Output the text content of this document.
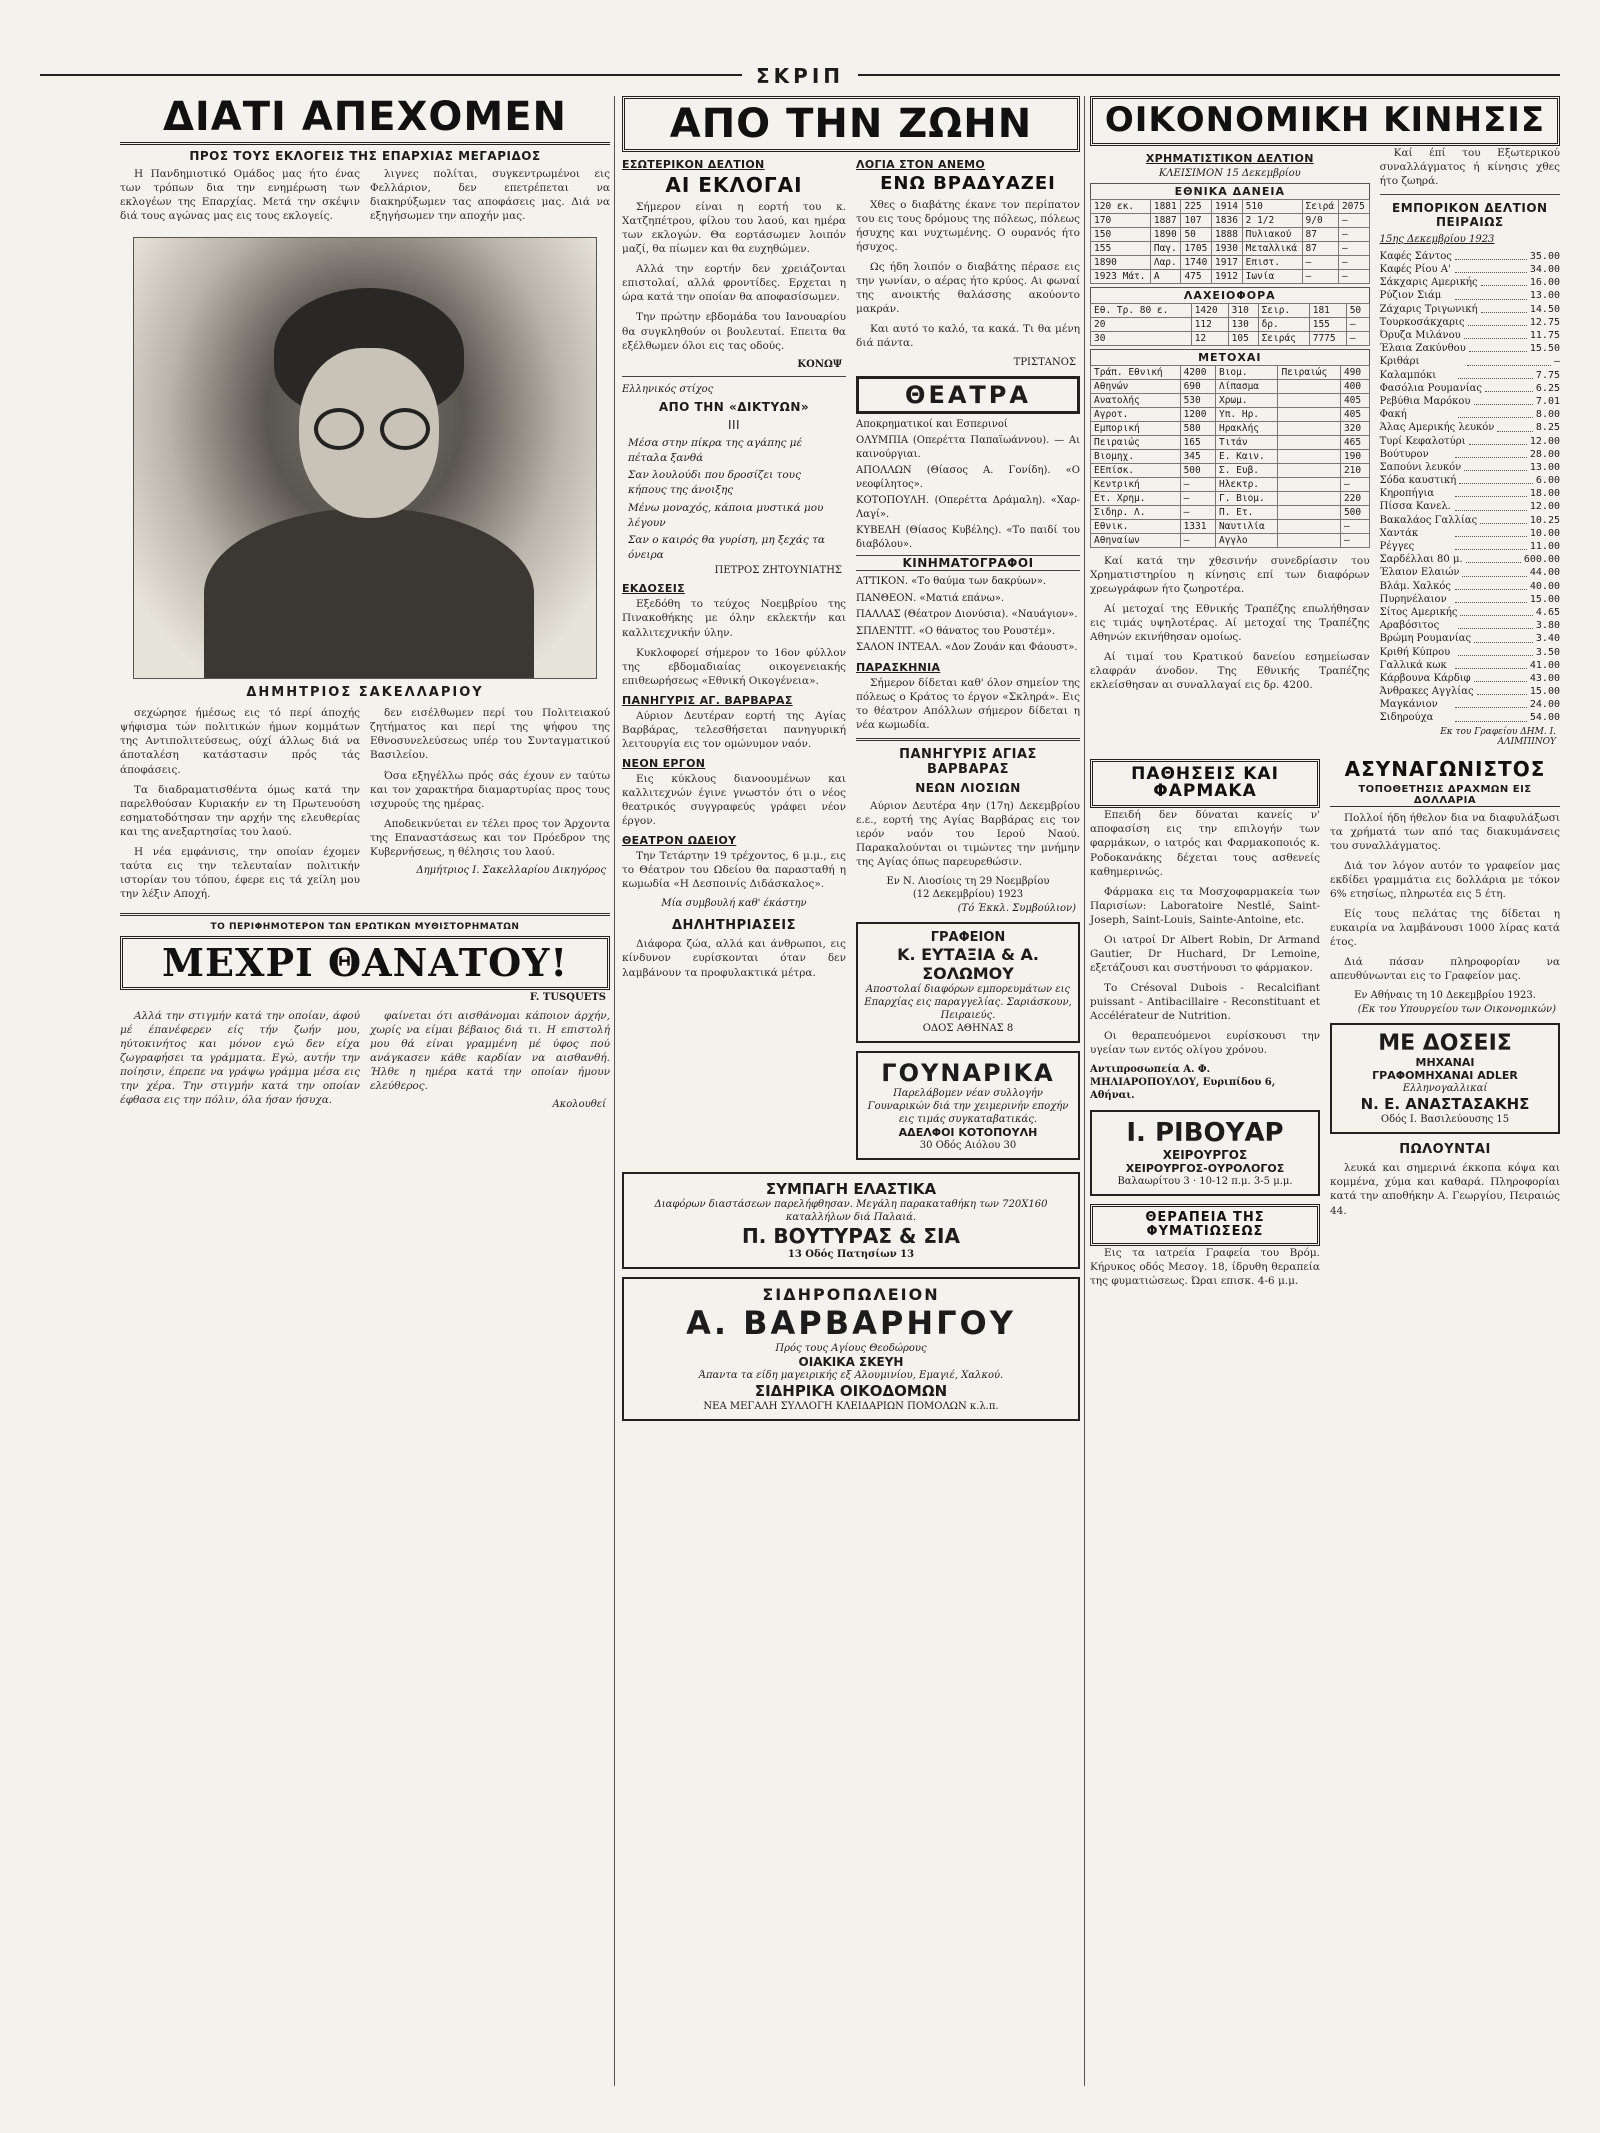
ΣΚΡΙΠ
ΔΙΑΤΙ ΑΠΕΧΟΜΕΝ
ΠΡΟΣ ΤΟΥΣ ΕΚΛΟΓΕΙΣ ΤΗΣ ΕΠΑΡΧΙΑΣ ΜΕΓΑΡΙΔΟΣ

Η Πανδημιοτικό Ομάδος μας ήτο ένας των τρόπων δια την ενημέρωση των εκλογέων της Επαρχίας. Μετά την σκέψιν διά τους αγώνας μας εις τους εκλογείς.

λιγνες πολίται, συγκεντρωμένοι εις Φελλάριον, δεν επετρέπεται να διακηρύξωμεν τας αποφάσεις μας. Διά να εξηγήσωμεν την αποχήν μας.

ΔΗΜΗΤΡΙΟΣ ΣΑΚΕΛΛΑΡΙΟΥ

σεχώρησε ήμέσως εις τό περί άποχής ψήφισμα τών πολιτικών ήμων κομμάτων της Αντιπολιτεύσεως, ούχί άλλως διά να άποταλέση κατάστασιν πρός τάς άποφάσεις.

Τα διαδραματισθέντα όμως κατά την παρελθούσαν Κυριακήν εν τη Πρωτευούση εσηματοδότησαν την αρχήν της ελευθερίας και της ανεξαρτησίας του λαού.

Η νέα εμφάνισις, την οποίαν έχομεν ταύτα εις την τελευταίαν πολιτικήν ιστορίαν του τόπου, έφερε εις τά χείλη μου την λέξιν Αποχή.

δεν εισέλθωμεν περί του Πολιτειακού ζητήματος και περί της ψήφου της Εθνοσυνελεύσεως υπέρ του Συνταγματικού Βασιλείου.

Όσα εξηγέλλω πρός σάς έχουν εν ταύτω και τον χαρακτήρα διαμαρτυρίας προς τους ισχυρούς της ημέρας.

Αποδεικνύεται εν τέλει προς τον Άρχοντα της Επαναστάσεως και τον Πρόεδρον της Κυβερνήσεως, η θέλησις του λαού.

Δημήτριος Ι. Σακελλαρίου Δικηγόρος
ΤΟ ΠΕΡΙΦΗΜΟΤΕΡΟΝ ΤΩΝ ΕΡΩΤΙΚΩΝ ΜΥΘΙΣΤΟΡΗΜΑΤΩΝ
ΜΕΧΡΙ ΘΑΝΑΤΟΥ!
F. TUSQUETS

Αλλά την στιγμήν κατά την οποίαν, άφού μέ έπανέφερεν είς τήν ζωήν μου, ηύτοκινήτος και μόνον εγώ δεν είχα ζωγραφήσει τα γράμματα. Εγώ, αυτήν την ποίησιν, έπρεπε να γράψω γράμμα μέσα εις την χέρα. Την στιγμήν κατά την οποίαν έφθασα εις την πόλιν, όλα ήσαν ήσυχα.

φαίνεται ότι αισθάνομαι κάποιον άρχήν, χωρίς να είμαι βέβαιος διά τι. Η επιστολή μου θά είναι γραμμένη μέ ύφος πού ανάγκασεν κάθε καρδίαν να αισθανθή. Ήλθε η ημέρα κατά την οποίαν ήμουν ελεύθερος.

Ακολουθεί
ΑΠΟ ΤΗΝ ΖΩΗΝ
ΕΣΩΤΕΡΙΚΟΝ ΔΕΛΤΙΟΝ
ΑΙ ΕΚΛΟΓΑΙ

Σήμερον είναι η εορτή του κ. Χατζηπέτρου, φίλου του λαού, και ημέρα των εκλογών. Θα εορτάσωμεν λοιπόν μαζί, θα πίωμεν και θα ευχηθώμεν.

Αλλά την εορτήν δεν χρειάζονται επιστολαί, αλλά φροντίδες. Ερχεται η ώρα κατά την οποίαν θα αποφασίσωμεν.

Την πρώτην εβδομάδα του Ιανουαρίου θα συγκληθούν οι βουλευταί. Επειτα θα εξέλθωμεν όλοι εις τας οδούς.

ΚΟΝΩΨ
Ελληνικός στίχος
ΑΠΟ ΤΗΝ «ΔΙΚΤΥΩΝ»
ΙΙΙ
Μέσα στην πίκρα της αγάπης μέ πέταλα ξανθά
Σαν λουλούδι που δροσίζει τους κήπους της άνοιξης
Μένω μοναχός, κάποια μυστικά μου λέγουν
Σαν ο καιρός θα γυρίση, μη ξεχάς τα όνειρα
ΠΕΤΡΟΣ ΖΗΤΟΥΝΙΑΤΗΣ
ΕΚΔΟΣΕΙΣ

Εξεδόθη το τεύχος Νοεμβρίου της Πινακοθήκης με όλην εκλεκτήν και καλλιτεχνικήν ύλην.

Κυκλοφορεί σήμερον το 16ον φύλλον της εβδομαδιαίας οικογενειακής επιθεωρήσεως «Εθνική Οικογένεια».

ΠΑΝΗΓΥΡΙΣ ΑΓ. ΒΑΡΒΑΡΑΣ

Αύριον Δευτέραν εορτή της Αγίας Βαρβάρας, τελεσθήσεται πανηγυρική λειτουργία εις τον ομώνυμον ναόν.

ΝΕΟΝ ΕΡΓΟΝ

Εις κύκλους διανοουμένων και καλλιτεχνών έγινε γνωστόν ότι ο νέος θεατρικός συγγραφεύς γράφει νέον έργον.

ΘΕΑΤΡΟΝ ΩΔΕΙΟΥ

Την Τετάρτην 19 τρέχοντος, 6 μ.μ., εις το Θέατρον του Ωδείου θα παρασταθή η κωμωδία «Η Δεσποινίς Διδάσκαλος».

Μία συμβουλή καθ' έκάστην
ΔΗΛΗΤΗΡΙΑΣΕΙΣ

Διάφορα ζώα, αλλά και άνθρωποι, εις κίνδυνον ευρίσκονται όταν δεν λαμβάνουν τα προφυλακτικά μέτρα.

ΛΟΓΙΑ ΣΤΟΝ ΑΝΕΜΟ
ΕΝΩ ΒΡΑΔΥΑΖΕΙ

Χθες ο διαβάτης έκανε τον περίπατον του εις τους δρόμους της πόλεως, πόλεως ήσυχης και νυχτωμένης. Ο ουρανός ήτο ήσυχος.

Ως ήδη λοιπόν ο διαβάτης πέρασε εις την γωνίαν, ο αέρας ήτο κρύος. Αι φωναί της ανοικτής θαλάσσης ακούοντο μακράν.

Και αυτό το καλό, τα κακά. Τι θα μένη διά πάντα.

ΤΡΙΣΤΑΝΟΣ
ΘΕΑΤΡΑ
Αποκρηματικοί και Εσπερινοί
ΟΛΥΜΠΙΑ (Οπερέττα Παπαϊωάννου). — Αι καινούργιαι.
ΑΠΟΛΛΩΝ (Θίασος Α. Γονίδη). «Ο νεοφίλητος».
ΚΟΤΟΠΟΥΛΗ. (Οπερέττα Δράμαλη). «Χαρ-Λαγί».
ΚΥΒΕΛΗ (Θίασος Κυβέλης). «Το παιδί του διαβόλου».
ΚΙΝΗΜΑΤΟΓΡΑΦΟΙ
ΑΤΤΙΚΟΝ. «Το θαύμα των δακρύων».
ΠΑΝΘΕΟΝ. «Ματιά επάνω».
ΠΑΛΛΑΣ (Θέατρον Διονύσια). «Ναυάγιον».
ΣΠΛΕΝΤΙΤ. «Ο θάνατος του Ρουστέμ».
ΣΑΛΟΝ ΙΝΤΕΑΛ. «Δον Ζουάν και Φάουστ».
ΠΑΡΑΣΚΗΝΙΑ

Σήμερον δίδεται καθ' όλον σημείον της πόλεως ο Κράτος το έργον «Σκληρά». Εις το θέατρον Απόλλων σήμερον δίδεται η νέα κωμωδία.

ΠΑΝΗΓΥΡΙΣ ΑΓΙΑΣ ΒΑΡΒΑΡΑΣ
ΝΕΩΝ ΛΙΟΣΙΩΝ

Αύριον Δευτέρα 4ην (17η) Δεκεμβρίου ε.ε., εορτή της Αγίας Βαρβάρας εις τον ιερόν ναόν του Ιερού Ναού. Παρακαλούνται οι τιμώντες την μνήμην της Αγίας όπως παρευρεθώσιν.

Εν Ν. Λιοσίοις τη 29 Νοεμβρίου
(12 Δεκεμβρίου) 1923
(Τό Έκκλ. Συμβούλιον)
ΓΡΑΦΕΙΟΝ
Κ. ΕΥΤΑΞΙΑ & Α. ΣΟΛΩΜΟΥ
Αποστολαί διαφόρων εμπορευμάτων εις Επαρχίας εις παραγγελίας. Σαριάσκουν, Πειραιεύς.
ΟΔΟΣ ΑΘΗΝΑΣ 8
ΓΟΥΝΑΡΙΚΑ
Παρελάβομεν νέαν συλλογήν Γουναρικών διά την χειμερινήν εποχήν εις τιμάς συγκαταβατικάς.
ΑΔΕΛΦΟΙ ΚΟΤΟΠΟΥΛΗ
30 Οδός Αιόλου 30
ΣΥΜΠΑΓΗ ΕΛΑΣΤΙΚΑ
Διαφόρων διαστάσεων παρελήφθησαν. Μεγάλη παρακαταθήκη των 720X160 καταλλήλων διά Παλαιά.
Π. ΒΟΥΤΥΡΑΣ & ΣΙΑ
13 Οδός Πατησίων 13
ΣΙΔΗΡΟΠΩΛΕΙΟΝ
Α. ΒΑΡΒΑΡΗΓΟΥ
Πρός τους Αγίους Θεοδώρους
ΟΙΑΚΙΚΑ ΣΚΕΥΗ
Άπαντα τα είδη μαγειρικής εξ Αλουμινίου, Εμαγιέ, Χαλκού.
ΣΙΔΗΡΙΚΑ ΟΙΚΟΔΟΜΩΝ
ΝΕΑ ΜΕΓΑΛΗ ΣΥΛΛΟΓΗ ΚΛΕΙΔΑΡΙΩΝ ΠΟΜΟΛΩΝ κ.λ.π.
ΟΙΚΟΝΟΜΙΚΗ ΚΙΝΗΣΙΣ
ΧΡΗΜΑΤΙΣΤΙΚΟΝ ΔΕΛΤΙΟΝ
ΚΛΕΙΣΙΜΟΝ 15 Δεκεμβρίου
ΕΘΝΙΚΑ ΔΑΝΕΙΑ
120 εκ.	1881	225	1914	510	Σειρά	2075
170	1887	107	1836	2 1/2	9/0	—
150	1890	50	1888	Πυλιακού	87	—
155	Παγ.	1705	1930	Μεταλλικά	87	—
1890	Λαρ.	1740	1917	Επιστ.	—	—
1923 Μάτ.	Α	475	1912	Ιωνία	—	—
ΛΑΧΕΙΟΦΟΡΑ
Εθ. Τρ. 80 ε.	1420	310	Σειρ.	181	50
20	112	130	δρ.	155	—
30	12	105	Σειράς	7775	—
ΜΕΤΟΧΑΙ
Τράπ. Εθνική	4200	Βιομ.	Πειραιώς	490
Αθηνών	690	Λίπασμα		400
Ανατολής	530	Χρωμ.		405
Αγροτ.	1200	Υπ. Ηρ.		405
Εμπορική	580	Ηρακλής		320
Πειραιώς	165	Τιτάν		465
Βιομηχ.	345	Ε. Καιν.		190
ΕΕπίσκ.	500	Σ. Ευβ.		210
Κεντρική	—	Ηλεκτρ.		—
Ετ. Χρημ.	—	Γ. Βιομ.		220
Σιδηρ. Λ.	—	Π. Ετ.		500
Εθνικ.	1331	Ναυτιλία		—
Αθηναίων	—	Αγγλο		—

Καί κατά την χθεσινήν συνεδρίασιν του Χρηματιστηρίου η κίνησις επί των διαφόρων χρεωγράφων ήτο ζωηροτέρα.

Αί μετοχαί της Εθνικής Τραπέζης επωλήθησαν εις τιμάς υψηλοτέρας. Αί μετοχαί της Τραπέζης Αθηνών εκινήθησαν ομοίως.

Αί τιμαί του Κρατικού δανείου εσημείωσαν ελαφράν άνοδον. Της Εθνικής Τραπέζης εκλείσθησαν αι συναλλαγαί εις δρ. 4200.

Καί έπί του Εξωτερικού συναλλάγματος ή κίνησις χθες ήτο ζωηρά.

ΕΜΠΟΡΙΚΟΝ ΔΕΛΤΙΟΝ ΠΕΙΡΑΙΩΣ
15ης Δεκεμβρίου 1923
Καφές Σάντος	35.00
Καφές Ρίου Α'	34.00
Σάκχαρις Αμερικής	16.00
Ρύζιον Σιάμ	13.00
Ζάχαρις Τριγωνική	14.50
Τουρκοσάκχαρις	12.75
Όρυζα Μιλάνου	11.75
Έλαια Ζακύνθου	15.50
Κριθάρι	—
Καλαμπόκι	7.75
Φασόλια Ρουμανίας	6.25
Ρεβύθια Μαρόκου	7.01
Φακή	8.00
Άλας Αμερικής λευκόν	8.25
Τυρί Κεφαλοτύρι	12.00
Βούτυρον	28.00
Σαπούνι λευκόν	13.00
Σόδα καυστική	6.00
Κηροπήγια	18.00
Πίσσα Κανελ.	12.00
Βακαλάος Γαλλίας	10.25
Χαντάκ	10.00
Ρέγγες	11.00
Σαρδέλλαι 80 μ.	600.00
Έλαιον Ελαιών	44.00
Βλάμ. Χαλκός	40.00
Πυρηνέλαιον	15.00
Σίτος Αμερικής	4.65
Αραβόσιτος	3.80
Βρώμη Ρουμανίας	3.40
Κριθή Κύπρου	3.50
Γαλλικά κωκ	41.00
Κάρβουνα Κάρδιφ	43.00
Άνθρακες Αγγλίας	15.00
Μαγκάνιον	24.00
Σιδηρούχα	54.00
Εκ του Γραφείου ΔΗΜ. Ι. ΑΛΙΜΠΙΝΟΥ
ΠΑΘΗΣΕΙΣ ΚΑΙ ΦΑΡΜΑΚΑ

Επειδή δεν δύναται κανείς ν' αποφασίση εις την επιλογήν των φαρμάκων, ο ιατρός και Φαρμακοποιός κ. Ροδοκανάκης δέχεται τους ασθενείς καθημερινώς.

Φάρμακα εις τα Μοσχοφαρμακεία των Παρισίων: Laboratoire Nestlé, Saint-Joseph, Saint-Louis, Sainte-Antoine, etc.

Οι ιατροί Dr Albert Robin, Dr Armand Gautier, Dr Huchard, Dr Lemoine, εξετάζουσι και συστήνουσι το φάρμακον.

Το Crésoval Dubois - Recalcifiant puissant - Antibacillaire - Reconstituant et Accélérateur de Nutrition.

Οι θεραπευόμενοι ευρίσκουσι την υγείαν των εντός ολίγου χρόνου.

Αντιπροσωπεία Α. Φ. ΜΗΛΙΑΡΟΠΟΥΛΟΥ, Ευριπίδου 6, Αθήναι.
Ι. ΡΙΒΟΥΑΡ
ΧΕΙΡΟΥΡΓΟΣ
ΧΕΙΡΟΥΡΓΟΣ-ΟΥΡΟΛΟΓΟΣ
Βαλαωρίτου 3 · 10-12 π.μ. 3-5 μ.μ.
ΘΕΡΑΠΕΙΑ ΤΗΣ ΦΥΜΑΤΙΩΣΕΩΣ

Εις τα ιατρεία Γραφεία του Βρόμ. Κήρυκος οδός Μεσογ. 18, ίδρυθη θεραπεία της φυματιώσεως. Ώραι επισκ. 4-6 μ.μ.

ΑΣΥΝΑΓΩΝΙΣΤΟΣ
ΤΟΠΟΘΕΤΗΣΙΣ ΔΡΑΧΜΩΝ ΕΙΣ ΔΟΛΛΑΡΙΑ

Πολλοί ήδη ήθελον δια να διαφυλάξωσι τα χρήματά των από τας διακυμάνσεις του συναλλάγματος.

Διά τον λόγον αυτόν το γραφείον μας εκδίδει γραμμάτια εις δολλάρια με τόκον 6% ετησίως, πληρωτέα εις 5 έτη.

Είς τους πελάτας της δίδεται η ευκαιρία να λαμβάνουσι 1000 λίρας κατά έτος.

Διά πάσαν πληροφορίαν να απευθύνωνται εις το Γραφείον μας.

Εν Αθήναις τη 10 Δεκεμβρίου 1923.
(Εκ του Υπουργείου των Οικονομικών)
ΜΕ ΔΟΣΕΙΣ
ΜΗΧΑΝΑΙ
ΓΡΑΦΟΜΗΧΑΝΑΙ ADLER
Ελληνογαλλικαί
Ν. Ε. ΑΝΑΣΤΑΣΑΚΗΣ
Οδός Ι. Βασιλεύουσης 15
ΠΩΛΟΥΝΤΑΙ

λευκά και σημερινά έκκοπα κόψα και κομμένα, χύμα και καθαρά. Πληροφορίαι κατά την αποθήκην Α. Γεωργίου, Πειραιώς 44.
